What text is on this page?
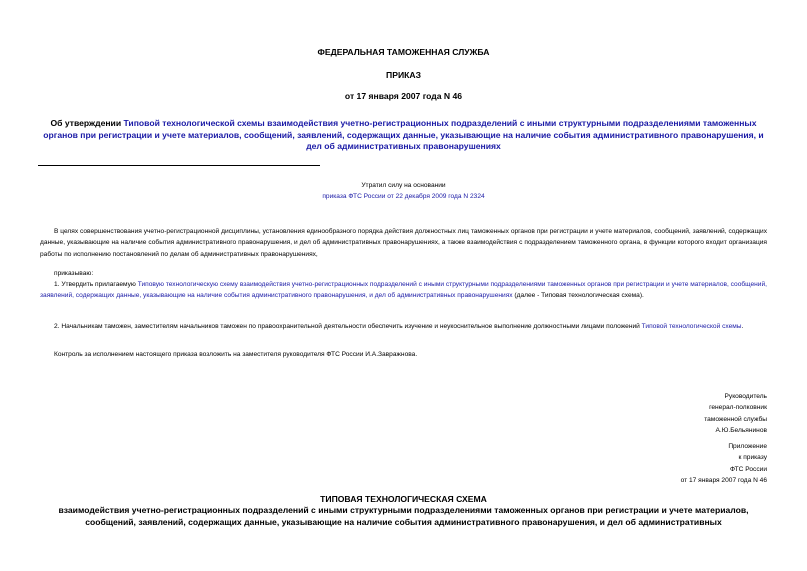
ФЕДЕРАЛЬНАЯ ТАМОЖЕННАЯ СЛУЖБА
ПРИКАЗ
от 17 января 2007 года N 46
Об утверждении Типовой технологической схемы взаимодействия учетно-регистрационных подразделений с иными структурными подразделениями таможенных органов при регистрации и учете материалов, сообщений, заявлений, содержащих данные, указывающие на наличие события административного правонарушения, и дел об административных правонарушениях
Утратил силу на основании
приказа ФТС России от 22 декабря 2009 года N 2324
В целях совершенствования учетно-регистрационной дисциплины, установления единообразного порядка действия должностных лиц таможенных органов при регистрации и учете материалов, сообщений, заявлений, содержащих данные, указывающие на наличие события административного правонарушения, и дел об административных правонарушениях, а также взаимодействия с подразделением таможенного органа, в функции которого входит организация работы по исполнению постановлений по делам об административных правонарушениях,
приказываю:
1. Утвердить прилагаемую Типовую технологическую схему взаимодействия учетно-регистрационных подразделений с иными структурными подразделениями таможенных органов при регистрации и учете материалов, сообщений, заявлений, содержащих данные, указывающие на наличие события административного правонарушения, и дел об административных правонарушениях (далее - Типовая технологическая схема).
2. Начальникам таможен, заместителям начальников таможен по правоохранительной деятельности обеспечить изучение и неукоснительное выполнение должностными лицами положений Типовой технологической схемы.
Контроль за исполнением настоящего приказа возложить на заместителя руководителя ФТС России И.А.Завражнова.
Руководитель
генерал-полковник
таможенной службы
А.Ю.Бельянинов
Приложение
к приказу
ФТС России
от 17 января 2007 года N 46
ТИПОВАЯ ТЕХНОЛОГИЧЕСКАЯ СХЕМА
взаимодействия учетно-регистрационных подразделений с иными структурными подразделениями таможенных органов при регистрации и учете материалов, сообщений, заявлений, содержащих данные, указывающие на наличие события административного правонарушения, и дел об административных
